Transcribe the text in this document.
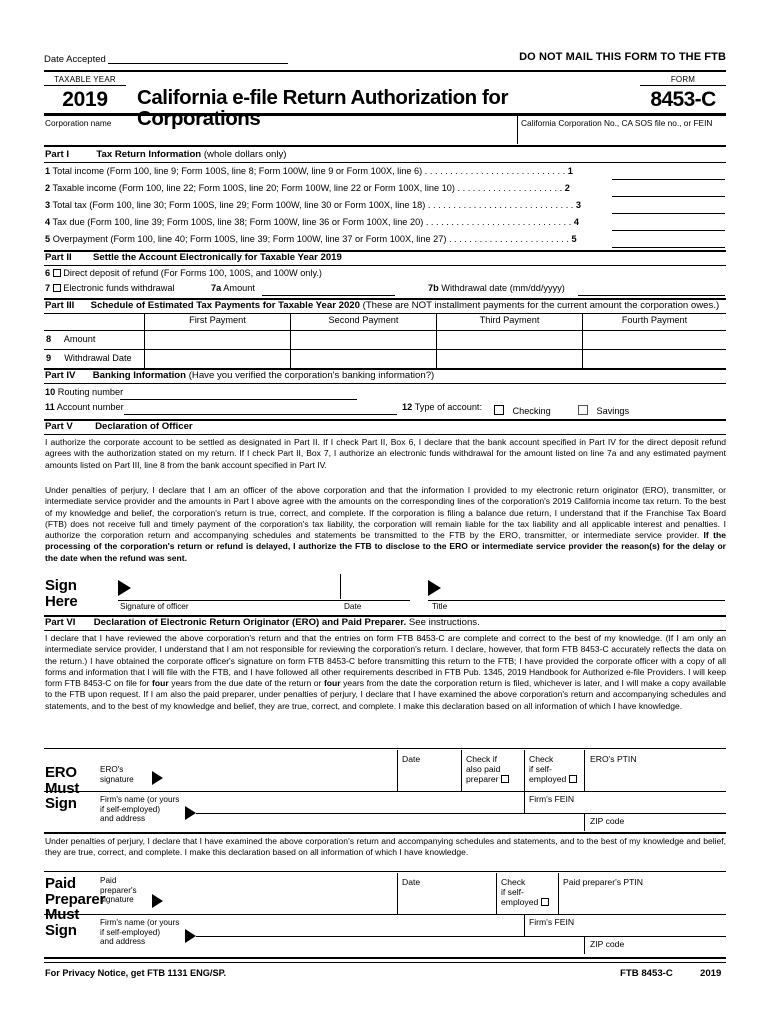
Date Accepted	DO NOT MAIL THIS FORM TO THE FTB
TAXABLE YEAR
2019	California e-file Return Authorization for Corporations
FORM
8453-C
Corporation name	California Corporation No., CA SOS file no., or FEIN
Part I	Tax Return Information (whole dollars only)
1 Total income (Form 100, line 9; Form 100S, line 8; Form 100W, line 9 or Form 100X, line 6) . . . . . . . . . . . . . . . . . . . . . . . . . . . . 1
2 Taxable income (Form 100, line 22; Form 100S, line 20; Form 100W, line 22 or Form 100X, line 10) . . . . . . . . . . . . . . . . . . . . . 2
3 Total tax (Form 100, line 30; Form 100S, line 29; Form 100W, line 30 or Form 100X, line 18) . . . . . . . . . . . . . . . . . . . . . . . . . . . . . 3
4 Tax due (Form 100, line 39; Form 100S, line 38; Form 100W, line 36 or Form 100X, line 20) . . . . . . . . . . . . . . . . . . . . . . . . . . . . . 4
5 Overpayment (Form 100, line 40; Form 100S, line 39; Form 100W, line 37 or Form 100X, line 27) . . . . . . . . . . . . . . . . . . . . . . . . 5
Part II Settle the Account Electronically for Taxable Year 2019
6 Direct deposit of refund (For Forms 100, 100S, and 100W only.)
7 Electronic funds withdrawal	7a Amount	7b Withdrawal date (mm/dd/yyyy)
Part III Schedule of Estimated Tax Payments for Taxable Year 2020 (These are NOT installment payments for the current amount the corporation owes.)
First Payment	Second Payment	Third Payment	Fourth Payment
8 Amount
9 Withdrawal Date
Part IV Banking Information (Have you verified the corporation's banking information?)
10 Routing number
11 Account number	12 Type of account:	Checking	Savings
Part V Declaration of Officer
I authorize the corporate account to be settled as designated in Part II. If I check Part II, Box 6, I declare that the bank account specified in Part IV for the direct deposit refund agrees with the authorization stated on my return. If I check Part II, Box 7, I authorize an electronic funds withdrawal for the amount listed on line 7a and any estimated payment amounts listed on Part III, line 8 from the bank account specified in Part IV.
Under penalties of perjury, I declare that I am an officer of the above corporation and that the information I provided to my electronic return originator (ERO), transmitter, or intermediate service provider and the amounts in Part I above agree with the amounts on the corresponding lines of the corporation's 2019 California income tax return. To the best of my knowledge and belief, the corporation's return is true, correct, and complete. If the corporation is filing a balance due return, I understand that if the Franchise Tax Board (FTB) does not receive full and timely payment of the corporation's tax liability, the corporation will remain liable for the tax liability and all applicable interest and penalties. I authorize the corporation return and accompanying schedules and statements be transmitted to the FTB by the ERO, transmitter, or intermediate service provider. If the processing of the corporation's return or refund is delayed, I authorize the FTB to disclose to the ERO or intermediate service provider the reason(s) for the delay or the date when the refund was sent.
Sign
Here	Signature of officer	Date	Title
Part VI Declaration of Electronic Return Originator (ERO) and Paid Preparer. See instructions.
I declare that I have reviewed the above corporation's return and that the entries on form FTB 8453-C are complete and correct to the best of my knowledge. (If I am only an intermediate service provider, I understand that I am not responsible for reviewing the corporation's return. I declare, however, that form FTB 8453-C accurately reflects the data on the return.) I have obtained the corporate officer's signature on form FTB 8453-C before transmitting this return to the FTB; I have provided the corporate officer with a copy of all forms and information that I will file with the FTB, and I have followed all other requirements described in FTB Pub. 1345, 2019 Handbook for Authorized e-file Providers. I will keep form FTB 8453-C on file for four years from the due date of the return or four years from the date the corporation return is filed, whichever is later, and I will make a copy available to the FTB upon request. If I am also the paid preparer, under penalties of perjury, I declare that I have examined the above corporation's return and accompanying schedules and statements, and to the best of my knowledge and belief, they are true, correct, and complete. I make this declaration based on all information of which I have knowledge.
ERO
Must
Sign
ERO's
signature
Date	Check if
also paid
preparer
Check
if self-
employed
ERO's PTIN
Firm's name (or yours
if self-employed)
and address
Firm's FEIN
ZIP code
Under penalties of perjury, I declare that I have examined the above corporation's return and accompanying schedules and statements, and to the best of my knowledge and belief, they are true, correct, and complete. I make this declaration based on all information of which I have knowledge.
Paid
Preparer
Must
Sign
Paid
preparer's
signature
Date	Check
if self-
employed
Paid preparer's PTIN
Firm's name (or yours
if self-employed)
and address
Firm's FEIN
ZIP code
For Privacy Notice, get FTB 1131 ENG/SP.	FTB 8453-C	2019
